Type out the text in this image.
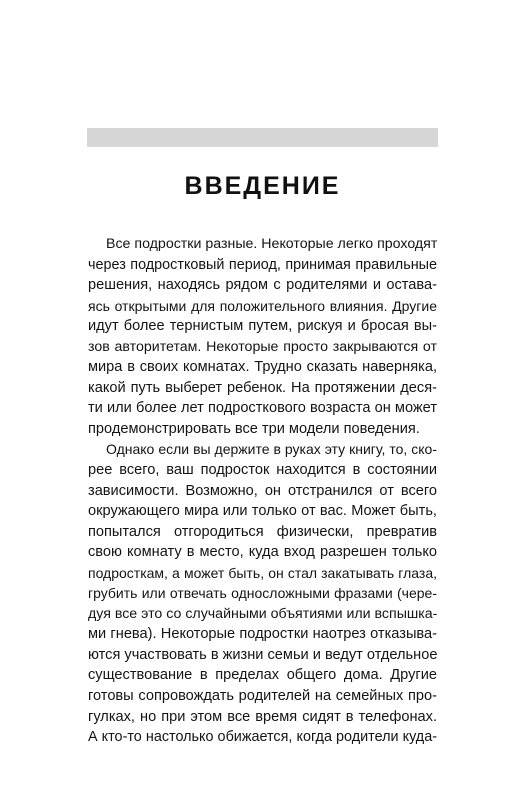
ВВЕДЕНИЕ
Все подростки разные. Некоторые легко проходят
через подростковый период, принимая правильные
решения, находясь рядом с родителями и остава-
ясь открытыми для положительного влияния. Другие
идут более тернистым путем, рискуя и бросая вы-
зов авторитетам. Некоторые просто закрываются от
мира в своих комнатах. Трудно сказать наверняка,
какой путь выберет ребенок. На протяжении деся-
ти или более лет подросткового возраста он может
продемонстрировать все три модели поведения.
Однако если вы держите в руках эту книгу, то, ско-
рее всего, ваш подросток находится в состоянии
зависимости. Возможно, он отстранился от всего
окружающего мира или только от вас. Может быть,
попытался отгородиться физически, превратив
свою комнату в место, куда вход разрешен только
подросткам, а может быть, он стал закатывать глаза,
грубить или отвечать односложными фразами (чере-
дуя все это со случайными объятиями или вспышка-
ми гнева). Некоторые подростки наотрез отказыва-
ются участвовать в жизни семьи и ведут отдельное
существование в пределах общего дома. Другие
готовы сопровождать родителей на семейных про-
гулках, но при этом все время сидят в телефонах.
А кто-то настолько обижается, когда родители куда-
